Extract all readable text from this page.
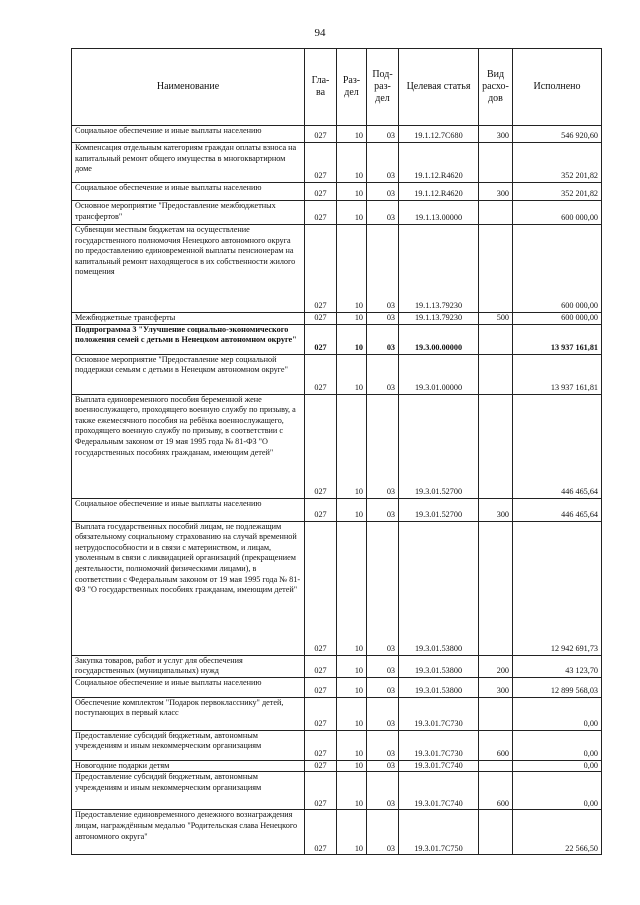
94
Наименование	Гла-ва	Раз-дел	Под-раз-дел	Целевая статья	Вид расхо-дов	Исполнено
Социальное обеспечение и иные выплаты населению	027	10	03	19.1.12.7С680	300	546 920,60
Компенсация отдельным категориям граждан оплаты взноса на капитальный ремонт общего имущества в многоквартирном доме	027	10	03	19.1.12.R4620		352 201,82
Социальное обеспечение и иные выплаты населению	027	10	03	19.1.12.R4620	300	352 201,82
Основное мероприятие "Предоставление межбюджетных трансфертов"	027	10	03	19.1.13.00000		600 000,00
Субвенции местным бюджетам на осуществление государственного полномочия Ненецкого автономного округа по предоставлению единовременной выплаты пенсионерам на капитальный ремонт находящегося в их собственности жилого помещения	027	10	03	19.1.13.79230		600 000,00
Межбюджетные трансферты	027	10	03	19.1.13.79230	500	600 000,00
Подпрограмма 3 "Улучшение социально-экономического положения семей с детьми в Ненецком автономном округе"	027	10	03	19.3.00.00000		13 937 161,81
Основное мероприятие "Предоставление мер социальной поддержки семьям с детьми в Ненецком автономном округе"	027	10	03	19.3.01.00000		13 937 161,81
Выплата единовременного пособия беременной жене военнослужащего, проходящего военную службу по призыву, а также ежемесячного пособия на ребёнка военнослужащего, проходящего военную службу по призыву, в соответствии с Федеральным законом от 19 мая 1995 года № 81-ФЗ "О государственных пособиях гражданам, имеющим детей"	027	10	03	19.3.01.52700		446 465,64
Социальное обеспечение и иные выплаты населению	027	10	03	19.3.01.52700	300	446 465,64
Выплата государственных пособий лицам, не подлежащим обязательному социальному страхованию на случай временной нетрудоспособности и в связи с материнством, и лицам, уволенным в связи с ликвидацией организаций (прекращением деятельности, полномочий физическими лицами), в соответствии с Федеральным законом от 19 мая 1995 года № 81-ФЗ "О государственных пособиях гражданам, имеющим детей"	027	10	03	19.3.01.53800		12 942 691,73
Закупка товаров, работ и услуг для обеспечения государственных (муниципальных) нужд	027	10	03	19.3.01.53800	200	43 123,70
Социальное обеспечение и иные выплаты населению	027	10	03	19.3.01.53800	300	12 899 568,03
Обеспечение комплектом "Подарок первокласснику" детей, поступающих в первый класс	027	10	03	19.3.01.7С730		0,00
Предоставление субсидий бюджетным, автономным учреждениям и иным некоммерческим организациям	027	10	03	19.3.01.7С730	600	0,00
Новогодние подарки детям	027	10	03	19.3.01.7С740		0,00
Предоставление субсидий бюджетным, автономным учреждениям и иным некоммерческим организациям	027	10	03	19.3.01.7С740	600	0,00
Предоставление единовременного денежного вознаграждения лицам, награждённым медалью "Родительская слава Ненецкого автономного округа"	027	10	03	19.3.01.7С750		22 566,50
